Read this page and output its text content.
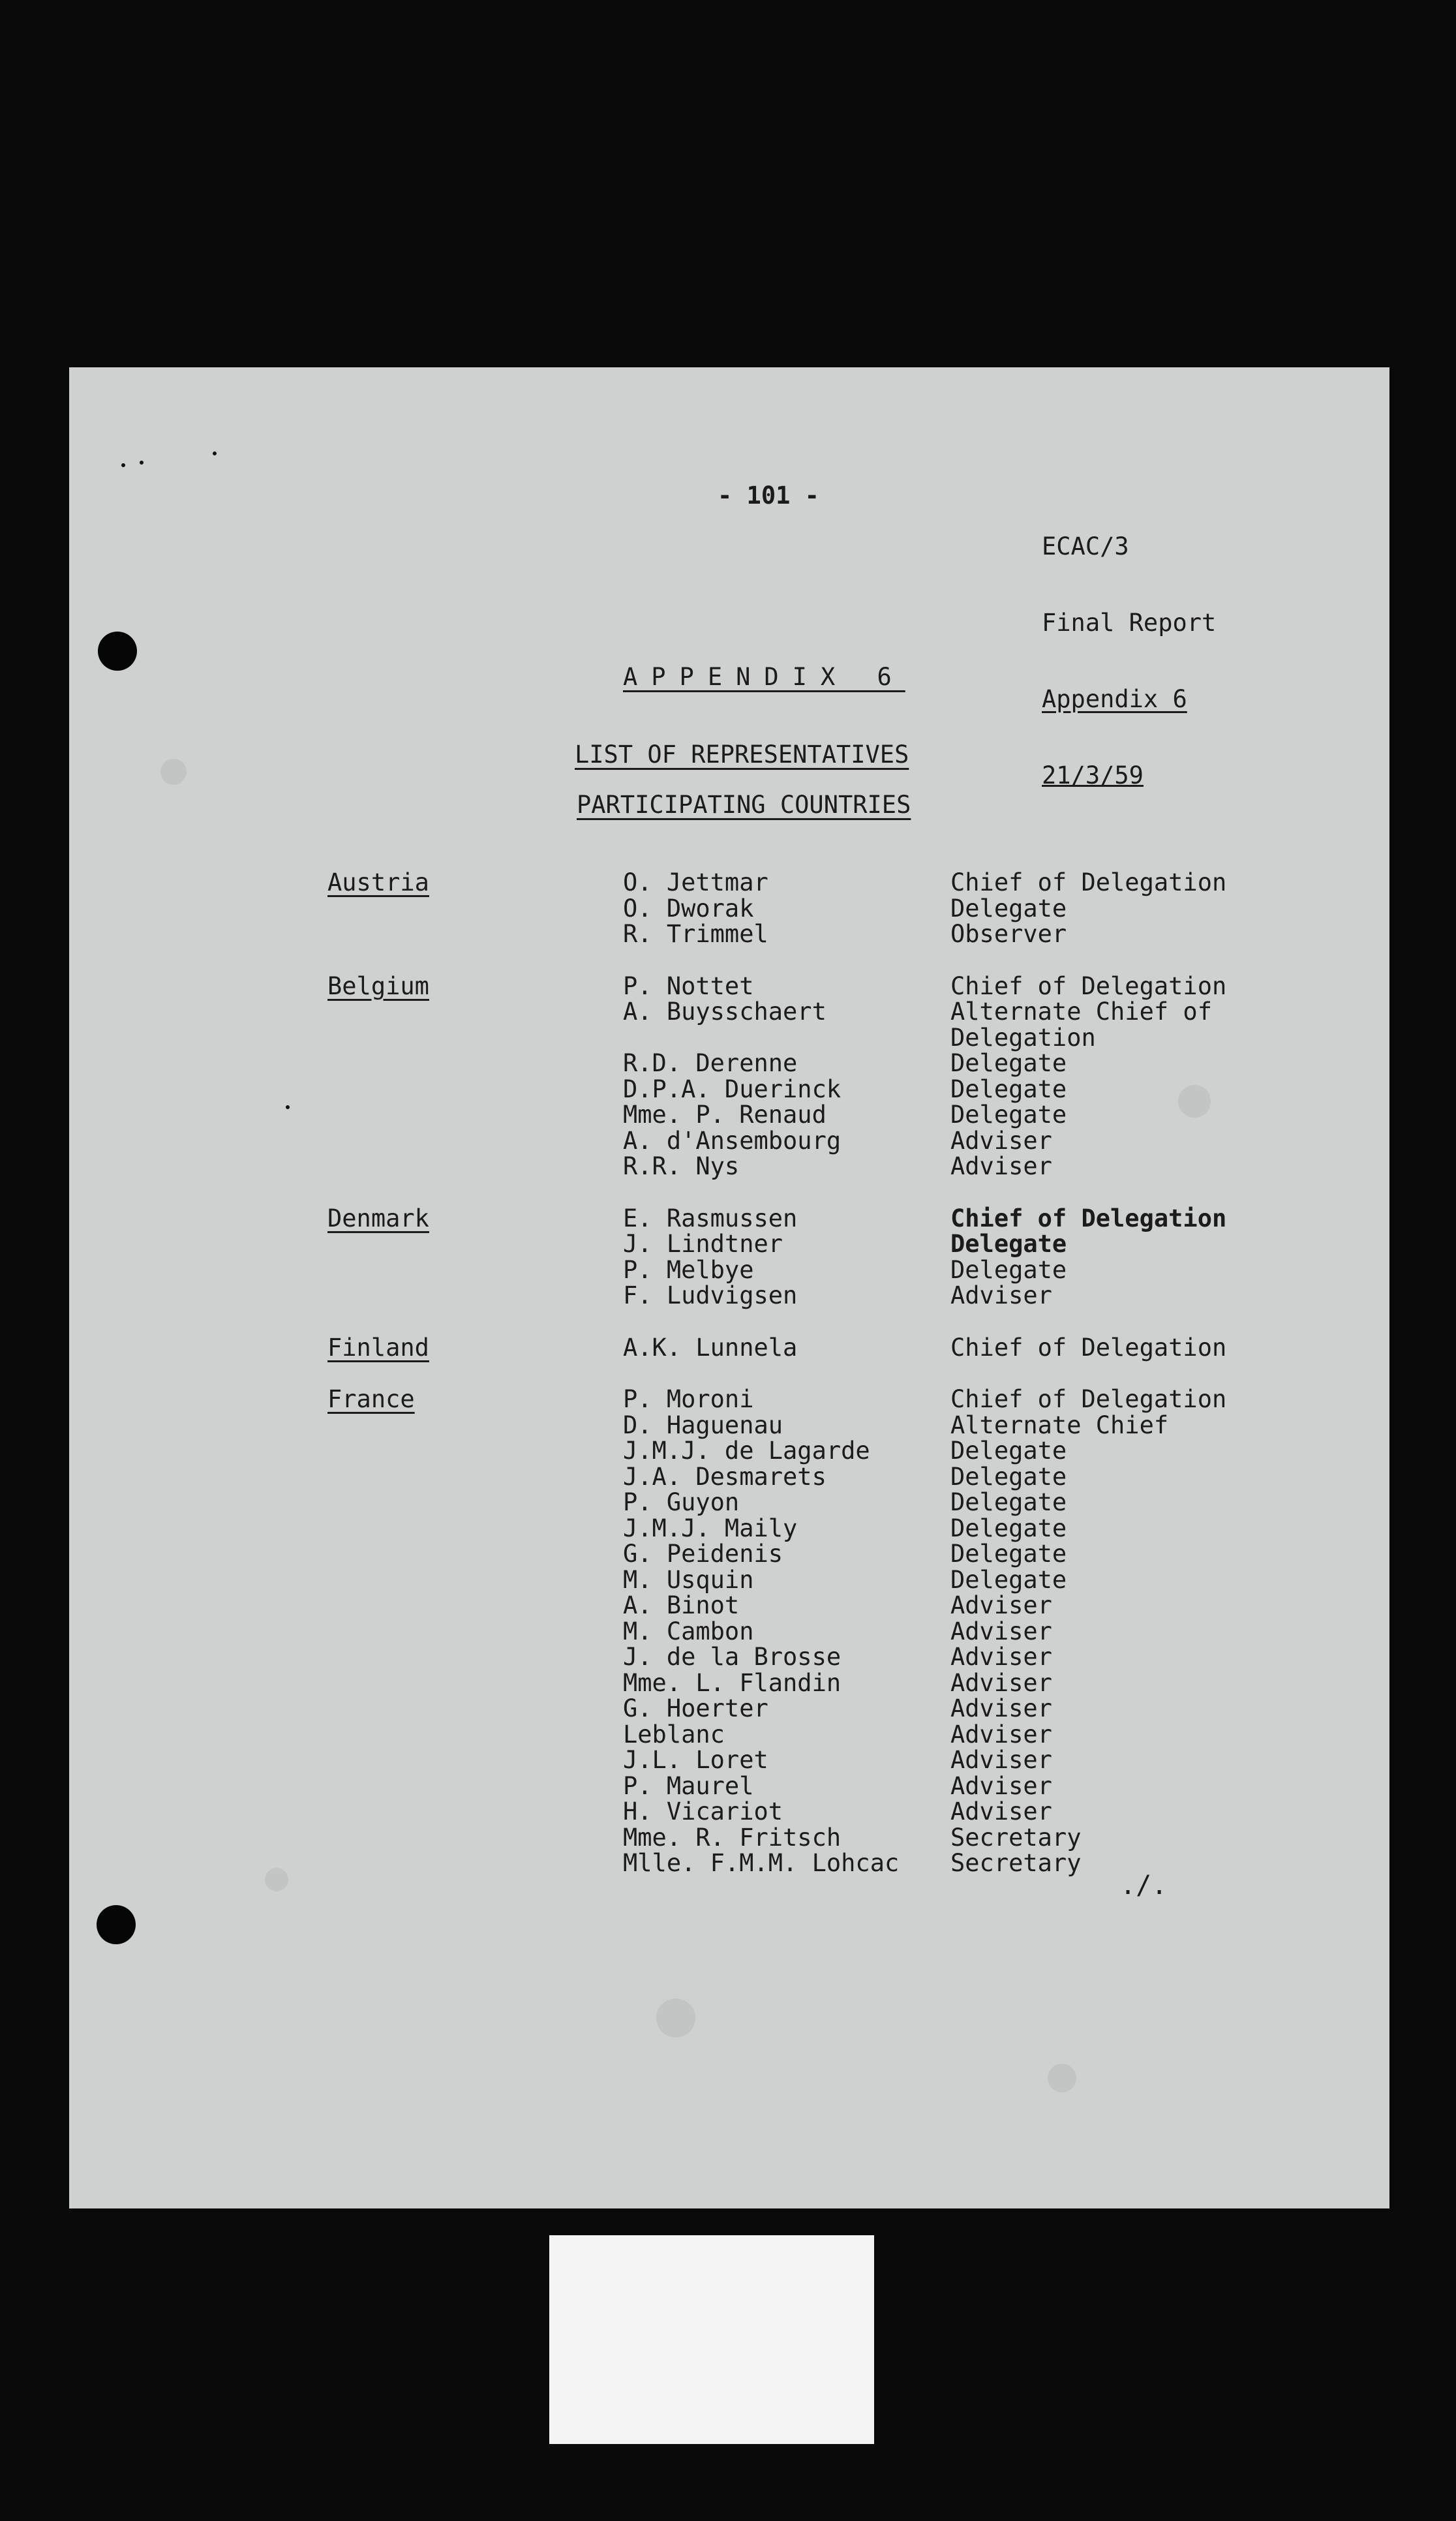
- 101 -

ECAC/3

Final Report

Appendix 6

21/3/59

APPENDIX 6
LIST OF REPRESENTATIVES
PARTICIPATING COUNTRIES
Austria	O. Jettmar	Chief of Delegation
O. Dworak	Delegate
R. Trimmel	Observer
Belgium	P. Nottet	Chief of Delegation
A. Buysschaert	Alternate Chief of
Delegation
R.D. Derenne	Delegate
D.P.A. Duerinck	Delegate
Mme. P. Renaud	Delegate
A. d'Ansembourg	Adviser
R.R. Nys	Adviser
Denmark	E. Rasmussen	Chief of Delegation
J. Lindtner	Delegate
P. Melbye	Delegate
F. Ludvigsen	Adviser
Finland	A.K. Lunnela	Chief of Delegation
France	P. Moroni	Chief of Delegation
D. Haguenau	Alternate Chief
J.M.J. de Lagarde	Delegate
J.A. Desmarets	Delegate
P. Guyon	Delegate
J.M.J. Maily	Delegate
G. Peidenis	Delegate
M. Usquin	Delegate
A. Binot	Adviser
M. Cambon	Adviser
J. de la Brosse	Adviser
Mme. L. Flandin	Adviser
G. Hoerter	Adviser
Leblanc	Adviser
J.L. Loret	Adviser
P. Maurel	Adviser
H. Vicariot	Adviser
Mme. R. Fritsch	Secretary
Mlle. F.M.M. Lohcac Secretary
./.
